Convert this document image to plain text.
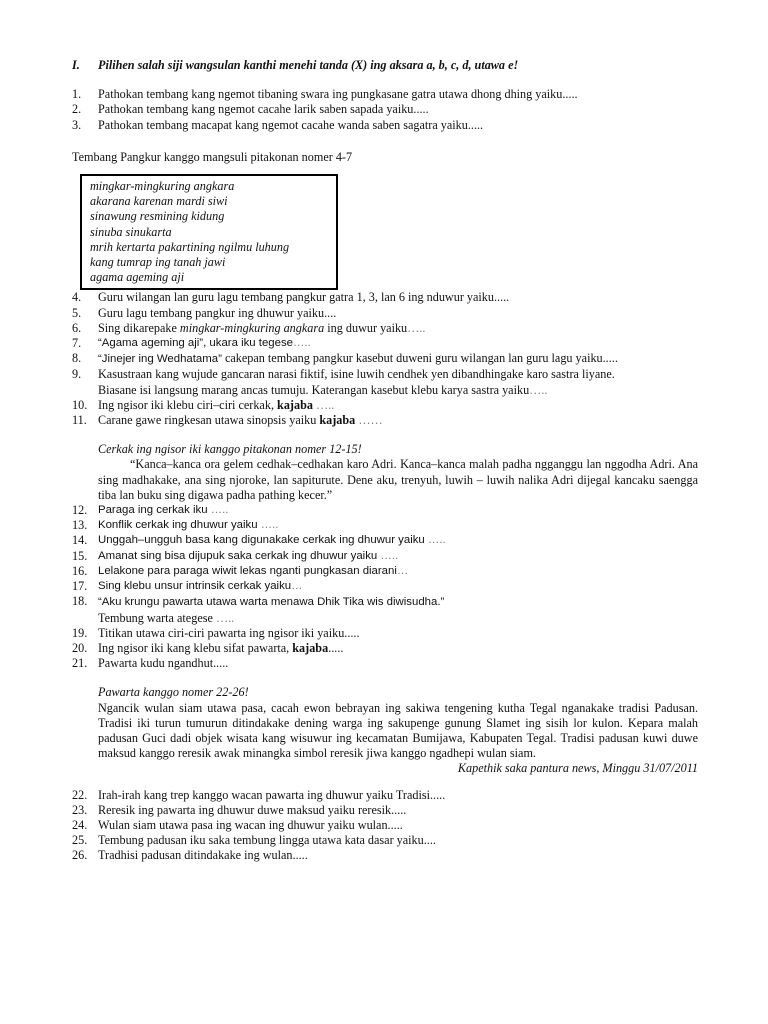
I. Pilihen salah siji wangsulan kanthi menehi tanda (X) ing aksara a, b, c, d, utawa e!
1.	Pathokan tembang kang ngemot tibaning swara ing pungkasane gatra utawa dhong dhing yaiku.....
2.	Pathokan tembang kang ngemot cacahe larik saben sapada yaiku.....
3.	Pathokan tembang macapat kang ngemot cacahe wanda saben sagatra yaiku.....
Tembang Pangkur kanggo mangsuli pitakonan nomer 4-7
mingkar-mingkuring angkara
akarana karenan mardi siwi
sinawung resmining kidung
sinuba sinukarta
mrih kertarta pakartining ngilmu luhung
kang tumrap ing tanah jawi
agama ageming aji
4.	Guru wilangan lan guru lagu tembang pangkur gatra 1, 3, lan 6 ing nduwur yaiku.....
5.	Guru lagu tembang pangkur ing dhuwur yaiku....
6.	Sing dikarepake mingkar-mingkuring angkara ing duwur yaiku…..
7.	“Agama ageming aji”, ukara iku tegese…..
8.	“Jinejer ing Wedhatama” cakepan tembang pangkur kasebut duweni guru wilangan lan guru lagu yaiku.....
9.	Kasustraan kang wujude gancaran narasi fiktif, isine luwih cendhek yen dibandhingake karo sastra liyane.
Biasane isi langsung marang ancas tumuju. Katerangan kasebut klebu karya sastra yaiku…..
10. Ing ngisor iki klebu ciri–ciri cerkak, kajaba …..
11. Carane gawe ringkesan utawa sinopsis yaiku kajaba ……
Cerkak ing ngisor iki kanggo pitakonan nomer 12-15!
“Kanca–kanca ora gelem cedhak–cedhakan karo Adri. Kanca–kanca malah padha ngganggu lan nggodha Adri. Ana sing madhakake, ana sing njoroke, lan sapiturute. Dene aku, trenyuh, luwih – luwih nalika Adri dijegal kancaku saengga tiba lan buku sing digawa padha pathing kecer.”
12. Paraga ing cerkak iku …..
13. Konflik cerkak ing dhuwur yaiku …..
14. Unggah–ungguh basa kang digunakake cerkak ing dhuwur yaiku …..
15. Amanat sing bisa dijupuk saka cerkak ing dhuwur yaiku …..
16. Lelakone para paraga wiwit lekas nganti pungkasan diarani…
17. Sing klebu unsur intrinsik cerkak yaiku…
18. “Aku krungu pawarta utawa warta menawa Dhik Tika wis diwisudha.”
Tembung warta ategese …..
19. Titikan utawa ciri-ciri pawarta ing ngisor iki yaiku.....
20. Ing ngisor iki kang klebu sifat pawarta, kajaba.....
21. Pawarta kudu ngandhut.....
Pawarta kanggo nomer 22-26!
Ngancik wulan siam utawa pasa, cacah ewon bebrayan ing sakiwa tengening kutha Tegal nganakake tradisi Padusan. Tradisi iki turun tumurun ditindakake dening warga ing sakupenge gunung Slamet ing sisih lor kulon. Kepara malah padusan Guci dadi objek wisata kang wisuwur ing kecamatan Bumijawa, Kabupaten Tegal. Tradisi padusan kuwi duwe maksud kanggo reresik awak minangka simbol reresik jiwa kanggo ngadhepi wulan siam.
Kapethik saka pantura news, Minggu 31/07/2011
22. Irah-irah kang trep kanggo wacan pawarta ing dhuwur yaiku Tradisi.....
23. Reresik ing pawarta ing dhuwur duwe maksud yaiku reresik.....
24. Wulan siam utawa pasa ing wacan ing dhuwur yaiku wulan.....
25. Tembung padusan iku saka tembung lingga utawa kata dasar yaiku....
26. Tradhisi padusan ditindakake ing wulan.....
